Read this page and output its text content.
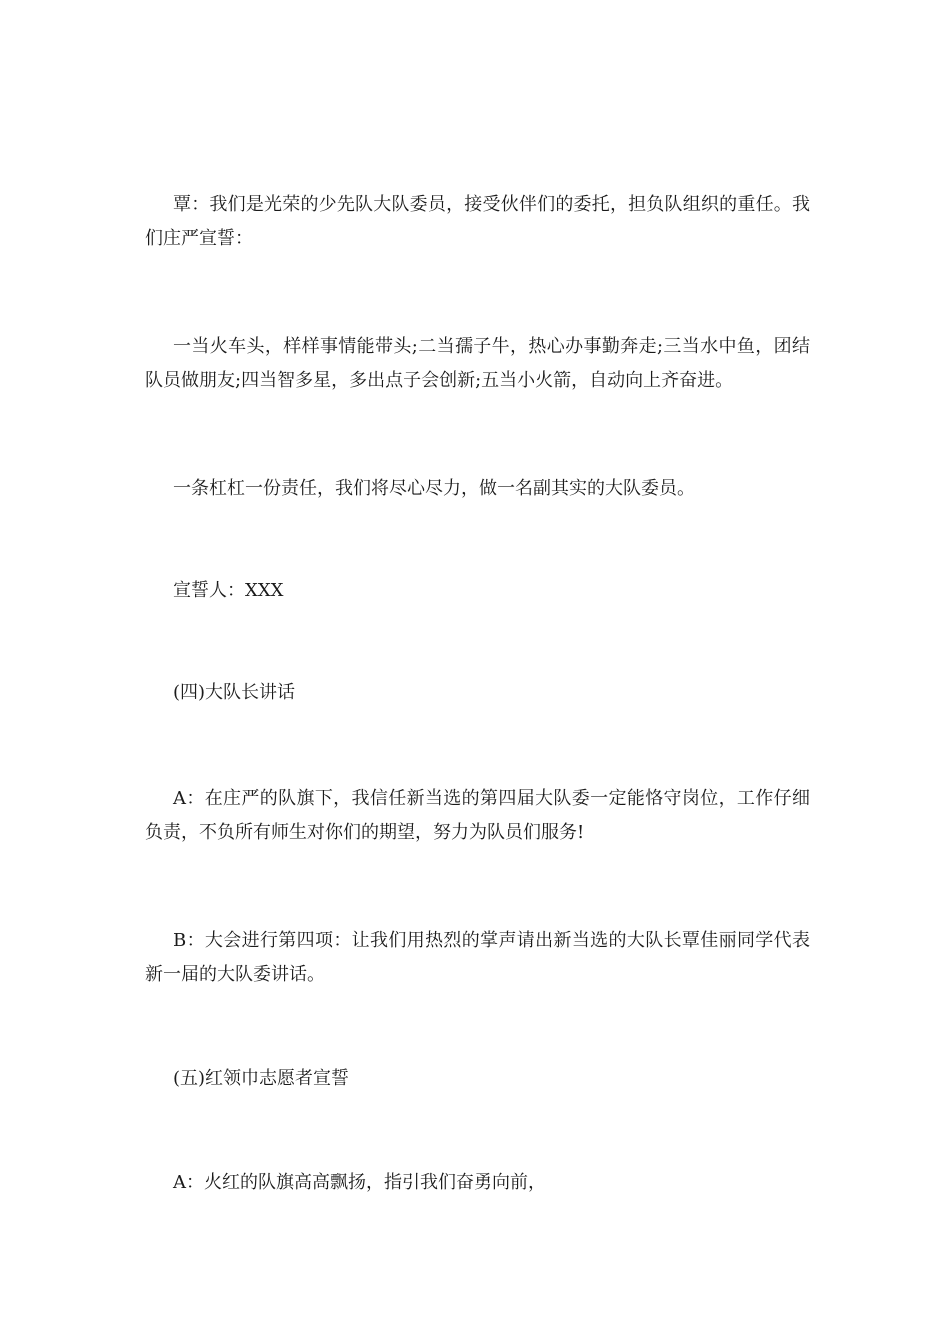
覃：我们是光荣的少先队大队委员，接受伙伴们的委托，担负队组织的重任。我们庄严宣誓：

一当火车头，样样事情能带头;二当孺子牛，热心办事勤奔走;三当水中鱼，团结队员做朋友;四当智多星，多出点子会创新;五当小火箭，自动向上齐奋进。

一条杠杠一份责任，我们将尽心尽力，做一名副其实的大队委员。

宣誓人：XXX

(四)大队长讲话

A：在庄严的队旗下，我信任新当选的第四届大队委一定能恪守岗位，工作仔细负责，不负所有师生对你们的期望，努力为队员们服务!

B：大会进行第四项：让我们用热烈的掌声请出新当选的大队长覃佳丽同学代表新一届的大队委讲话。

(五)红领巾志愿者宣誓

A：火红的队旗高高飘扬，指引我们奋勇向前，
